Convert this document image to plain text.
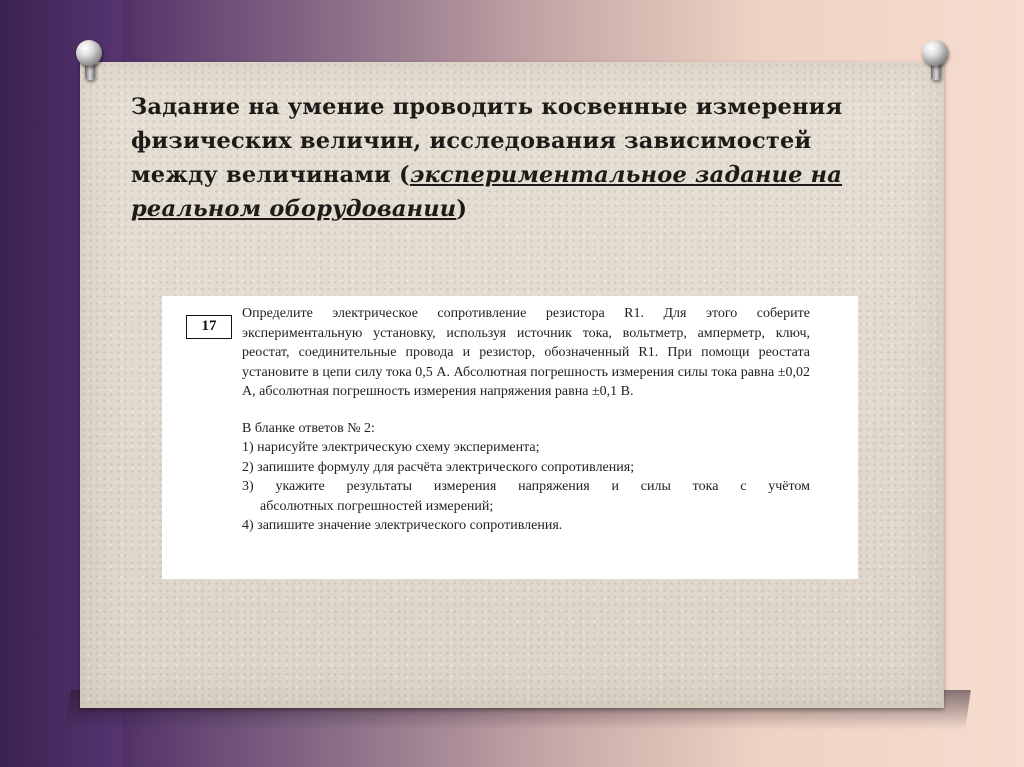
Задание на умение проводить косвенные измерения физических величин, исследования зависимостей между величинами (экспериментальное задание на реальном оборудовании)
17

Определите электрическое сопротивление резистора R1. Для этого соберите экспериментальную установку, используя источник тока, вольтметр, амперметр, ключ, реостат, соединительные провода и резистор, обозначенный R1. При помощи реостата установите в цепи силу тока 0,5 А. Абсолютная погрешность измерения силы тока равна ±0,02 А, абсолютная погрешность измерения напряжения равна ±0,1 В.

В бланке ответов № 2:

1) нарисуйте электрическую схему эксперимента;

2) запишите формулу для расчёта электрического сопротивления;

3) укажите результаты измерения напряжения и силы тока с учётом

абсолютных погрешностей измерений;

4) запишите значение электрического сопротивления.
